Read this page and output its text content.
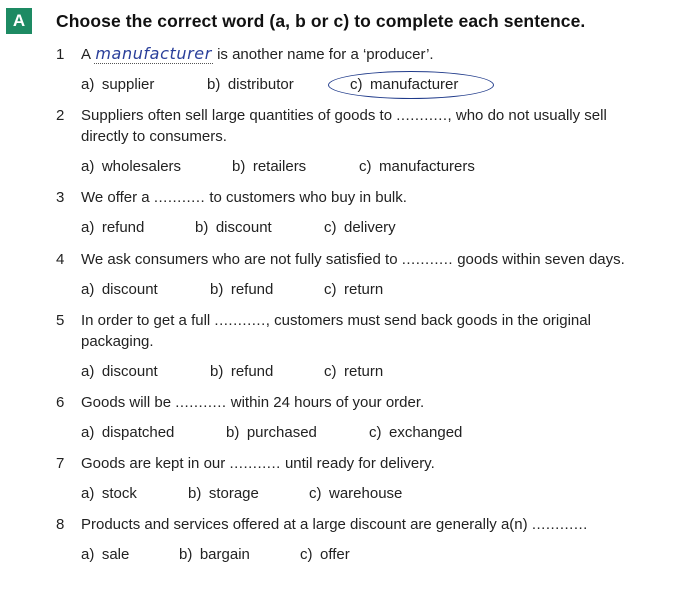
A	Choose the correct word (a, b or c) to complete each sentence.
1 A manufacturer is another name for a ‘producer’.
a) supplier	b) distributor	c) manufacturer
2 Suppliers often sell large quantities of goods to ..........., who do not usually sell
directly to consumers.
a) wholesalers	b) retailers	c) manufacturers
3 We offer a ........... to customers who buy in bulk.
a) refund	b) discount	c) delivery
4 We ask consumers who are not fully satisfied to ........... goods within seven days.
a) discount	b) refund	c) return
5 In order to get a full ..........., customers must send back goods in the original
packaging.
a) discount	b) refund	c) return
6 Goods will be ........... within 24 hours of your order.
a) dispatched	b) purchased	c) exchanged
7 Goods are kept in our ........... until ready for delivery.
a) stock	b) storage	c) warehouse
8 Products and services offered at a large discount are generally a(n) ............
a) sale	b) bargain	c) offer
